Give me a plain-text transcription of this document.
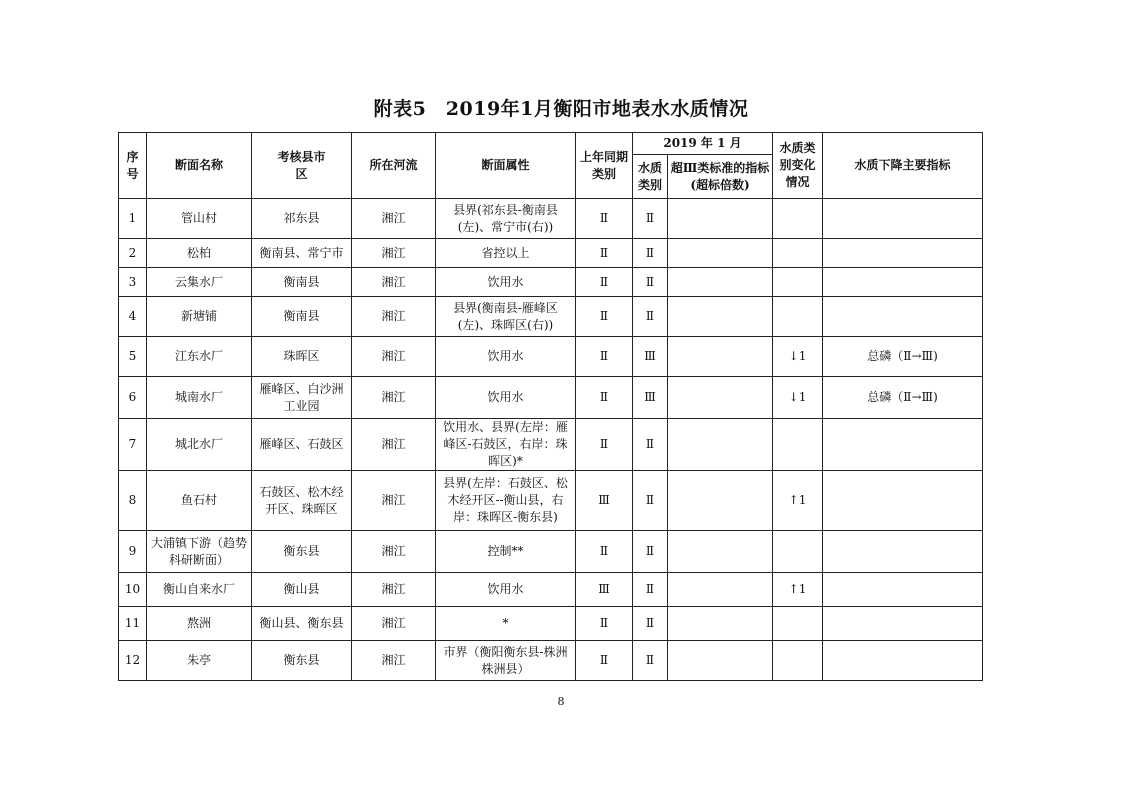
附表5　2019年1月衡阳市地表水水质情况
序号	断面名称	考核县市区	所在河流	断面属性	上年同期类别	2019 年 1 月		水质类别变化情况	水质下降主要指标
						水质类别	超Ⅲ类标准的指标(超标倍数)		
1	管山村	祁东县	湘江	县界(祁东县-衡南县(左)、常宁市(右))	Ⅱ	Ⅱ			
2	松柏	衡南县、常宁市	湘江	省控以上	Ⅱ	Ⅱ			
3	云集水厂	衡南县	湘江	饮用水	Ⅱ	Ⅱ			
4	新塘铺	衡南县	湘江	县界(衡南县-雁峰区(左)、珠晖区(右))	Ⅱ	Ⅱ			
5	江东水厂	珠晖区	湘江	饮用水	Ⅱ	Ⅲ		↓1	总磷（Ⅱ→Ⅲ)
6	城南水厂	雁峰区、白沙洲工业园	湘江	饮用水	Ⅱ	Ⅲ		↓1	总磷（Ⅱ→Ⅲ)
7	城北水厂	雁峰区、石鼓区	湘江	饮用水、县界(左岸：雁峰区-石鼓区，右岸：珠晖区)*	Ⅱ	Ⅱ			
8	鱼石村	石鼓区、松木经开区、珠晖区	湘江	县界(左岸：石鼓区、松木经开区--衡山县，右岸：珠晖区-衡东县)	Ⅲ	Ⅱ		↑1	
9	大浦镇下游（趋势科研断面）	衡东县	湘江	控制**	Ⅱ	Ⅱ			
10	衡山自来水厂	衡山县	湘江	饮用水	Ⅲ	Ⅱ		↑1	
11	熬洲	衡山县、衡东县	湘江	*	Ⅱ	Ⅱ			
12	朱亭	衡东县	湘江	市界（衡阳衡东县-株洲株洲县）	Ⅱ	Ⅱ			
8
